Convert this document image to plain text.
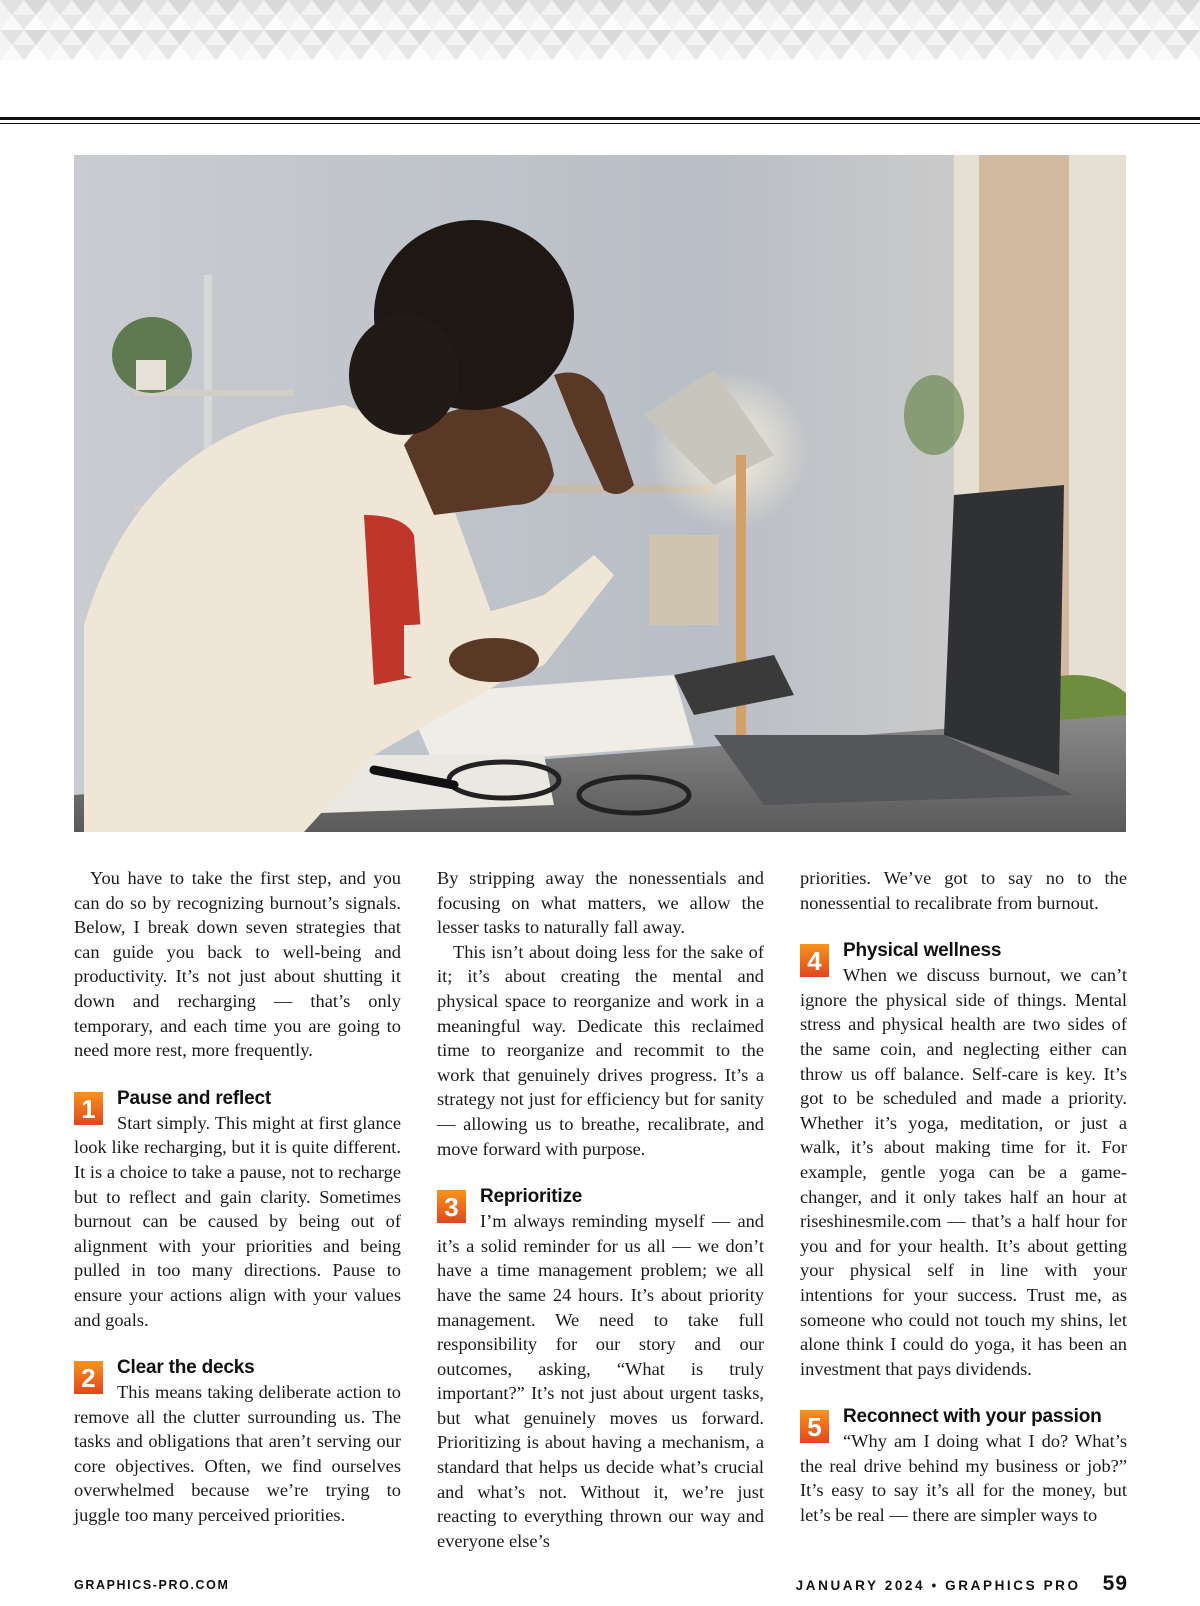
You have to take the first step, and you can do so by recognizing burnout’s signals. Below, I break down seven strategies that can guide you back to well-being and productivity. It’s not just about shutting it down and recharging — that’s only temporary, and each time you are going to need more rest, more frequently.

1	Pause and reflect

Start simply. This might at first glance look like recharging, but it is quite different. It is a choice to take a pause, not to recharge but to reflect and gain clarity. Sometimes burnout can be caused by being out of alignment with your priorities and being pulled in too many directions. Pause to ensure your actions align with your values and goals.

2	Clear the decks

This means taking deliberate action to remove all the clutter surrounding us. The tasks and obligations that aren’t serving our core objectives. Often, we find ourselves overwhelmed because we’re trying to juggle too many perceived priorities.

By stripping away the nonessentials and focusing on what matters, we allow the lesser tasks to naturally fall away.

This isn’t about doing less for the sake of it; it’s about creating the mental and physical space to reorganize and work in a meaningful way. Dedicate this reclaimed time to reorganize and recommit to the work that genuinely drives progress. It’s a strategy not just for efficiency but for sanity — allowing us to breathe, recalibrate, and move forward with purpose.

3	Reprioritize

I’m always reminding myself — and it’s a solid reminder for us all — we don’t have a time management problem; we all have the same 24 hours. It’s about priority management. We need to take full responsibility for our story and our outcomes, asking, “What is truly important?” It’s not just about urgent tasks, but what genuinely moves us forward. Prioritizing is about having a mechanism, a standard that helps us decide what’s crucial and what’s not. Without it, we’re just reacting to everything thrown our way and everyone else’s

priorities. We’ve got to say no to the nonessential to recalibrate from burnout.

4	Physical wellness

When we discuss burnout, we can’t ignore the physical side of things. Mental stress and physical health are two sides of the same coin, and neglecting either can throw us off balance. Self-care is key. It’s got to be scheduled and made a priority. Whether it’s yoga, meditation, or just a walk, it’s about making time for it. For example, gentle yoga can be a game-changer, and it only takes half an hour at riseshinesmile.com — that’s a half hour for you and for your health. It’s about getting your physical self in line with your intentions for your success. Trust me, as someone who could not touch my shins, let alone think I could do yoga, it has been an investment that pays dividends.

5	Reconnect with your passion

“Why am I doing what I do? What’s the real drive behind my business or job?” It’s easy to say it’s all for the money, but let’s be real — there are simpler ways to

GRAPHICS-PRO.COM	JANUARY 2024 • GRAPHICS PRO 59
